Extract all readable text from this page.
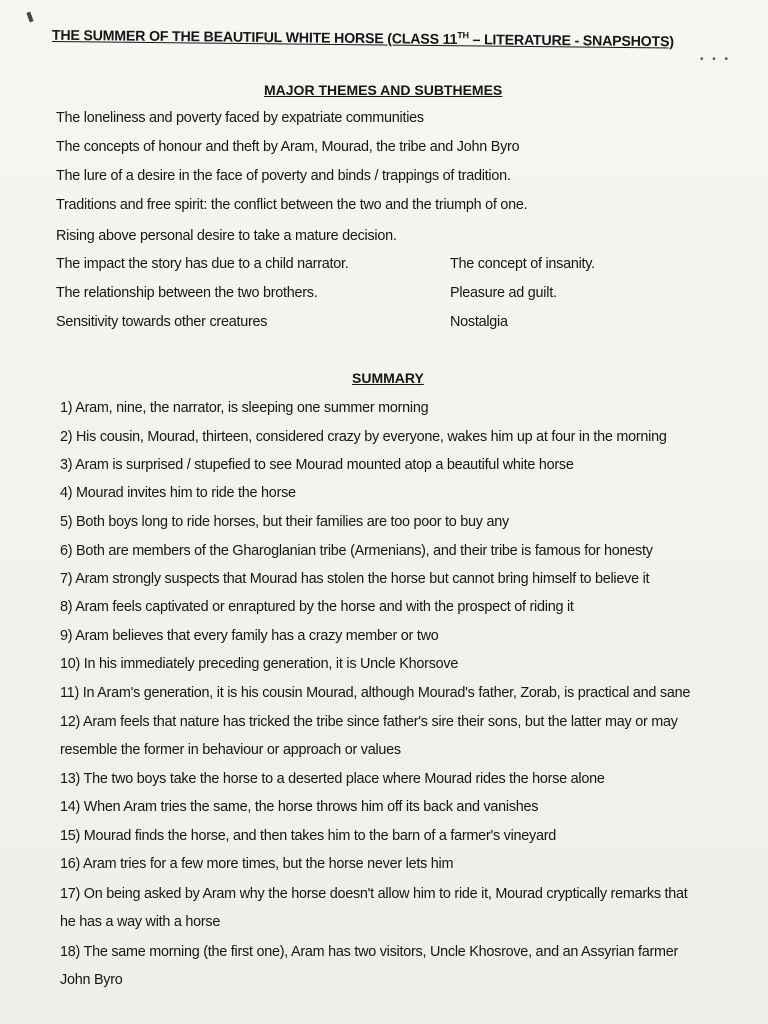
THE SUMMER OF THE BEAUTIFUL WHITE HORSE (CLASS 11TH – LITERATURE - SNAPSHOTS)
• • •
MAJOR THEMES AND SUBTHEMES
The loneliness and poverty faced by expatriate communities
The concepts of honour and theft by Aram, Mourad, the tribe and John Byro
The lure of a desire in the face of poverty and binds / trappings of tradition.
Traditions and free spirit: the conflict between the two and the triumph of one.
Rising above personal desire to take a mature decision.
The impact the story has due to a child narrator.	The concept of insanity.
The relationship between the two brothers.	Pleasure ad guilt.
Sensitivity towards other creatures	Nostalgia
SUMMARY
1) Aram, nine, the narrator, is sleeping one summer morning
2) His cousin, Mourad, thirteen, considered crazy by everyone, wakes him up at four in the morning
3) Aram is surprised / stupefied to see Mourad mounted atop a beautiful white horse
4) Mourad invites him to ride the horse
5) Both boys long to ride horses, but their families are too poor to buy any
6) Both are members of the Gharoglanian tribe (Armenians), and their tribe is famous for honesty
7) Aram strongly suspects that Mourad has stolen the horse but cannot bring himself to believe it
8) Aram feels captivated or enraptured by the horse and with the prospect of riding it
9) Aram believes that every family has a crazy member or two
10) In his immediately preceding generation, it is Uncle Khorsove
11) In Aram's generation, it is his cousin Mourad, although Mourad's father, Zorab, is practical and sane
12) Aram feels that nature has tricked the tribe since father's sire their sons, but the latter may or may
resemble the former in behaviour or approach or values
13) The two boys take the horse to a deserted place where Mourad rides the horse alone
14) When Aram tries the same, the horse throws him off its back and vanishes
15) Mourad finds the horse, and then takes him to the barn of a farmer's vineyard
16) Aram tries for a few more times, but the horse never lets him
17) On being asked by Aram why the horse doesn't allow him to ride it, Mourad cryptically remarks that
he has a way with a horse
18) The same morning (the first one), Aram has two visitors, Uncle Khosrove, and an Assyrian farmer
John Byro
